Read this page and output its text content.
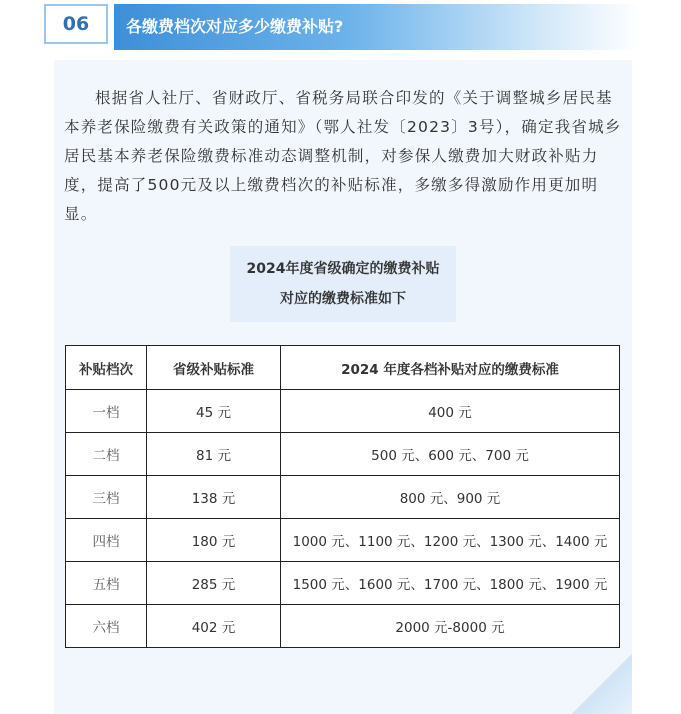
06	各缴费档次对应多少缴费补贴?

根据省人社厅、省财政厅、省税务局联合印发的《关于调整城乡居民基本养老保险缴费有关政策的通知》（鄂人社发〔2023〕3号），确定我省城乡居民基本养老保险缴费标准动态调整机制，对参保人缴费加大财政补贴力度，提高了500元及以上缴费档次的补贴标准，多缴多得激励作用更加明显。

2024年度省级确定的缴费补贴
对应的缴费标准如下
补贴档次	省级补贴标准	2024 年度各档补贴对应的缴费标准
一档	45 元	400 元
二档	81 元	500 元、600 元、700 元
三档	138 元	800 元、900 元
四档	180 元	1000 元、1100 元、1200 元、1300 元、1400 元
五档	285 元	1500 元、1600 元、1700 元、1800 元、1900 元
六档	402 元	2000 元-8000 元
